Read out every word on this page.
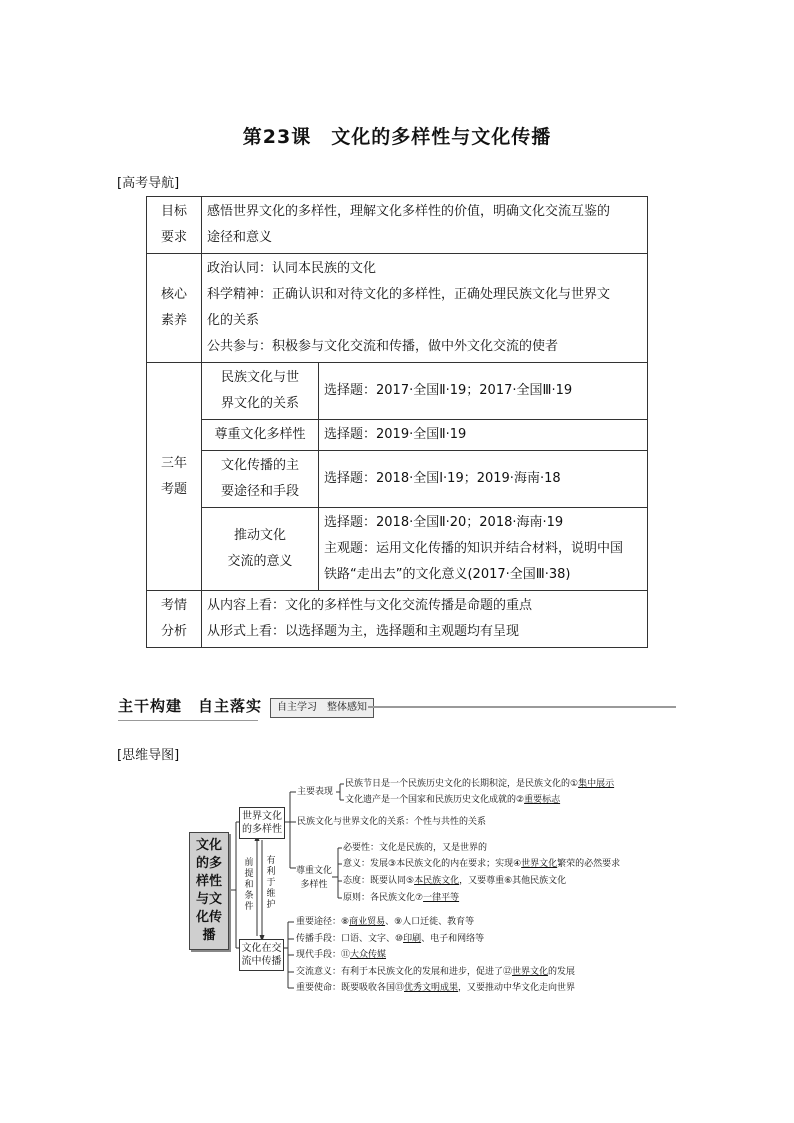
第23课　文化的多样性与文化传播
[高考导航]
目标
要求	感悟世界文化的多样性，理解文化多样性的价值，明确文化交流互鉴的
途径和意义	

核心
素养	政治认同：认同本民族的文化
科学精神：正确认识和对待文化的多样性，正确处理民族文化与世界文
化的关系
公共参与：积极参与文化交流和传播，做中外文化交流的使者	

三年
考题	民族文化与世
界文化的关系	选择题：2017·全国Ⅱ·19；2017·全国Ⅲ·19

	尊重文化多样性	选择题：2019·全国Ⅱ·19

	文化传播的主
要途径和手段	选择题：2018·全国Ⅰ·19；2019·海南·18

	推动文化
交流的意义	选择题：2018·全国Ⅱ·20；2018·海南·19
主观题：运用文化传播的知识并结合材料，说明中国
铁路“走出去”的文化意义(2017·全国Ⅲ·38)

考情
分析	从内容上看：文化的多样性与文化交流传播是命题的重点
从形式上看：以选择题为主，选择题和主观题均有呈现	
主干构建　自主落实	自主学习　整体感知
[思维导图]
文化
的多
样性
与文
化传
播
世界文化
的多样性
文化在交
流中传播
前
提
和
条
件
有
利
于
维
护
主要表现
民族节日是一个民族历史文化的长期积淀，是民族文化的①集中展示
文化遗产是一个国家和民族历史文化成就的②重要标志
民族文化与世界文化的关系：个性与共性的关系
尊重文化
多样性
必要性：文化是民族的，又是世界的
意义：发展③本民族文化的内在要求；实现④世界文化繁荣的必然要求
态度：既要认同⑤本民族文化，又要尊重⑥其他民族文化
原则：各民族文化⑦一律平等
重要途径：⑧商业贸易、⑨人口迁徙、教育等
传播手段：口语、文字、⑩印刷、电子和网络等
现代手段：⑪大众传媒
交流意义：有利于本民族文化的发展和进步，促进了⑫世界文化的发展
重要使命：既要吸收各国⑬优秀文明成果，又要推动中华文化走向世界
